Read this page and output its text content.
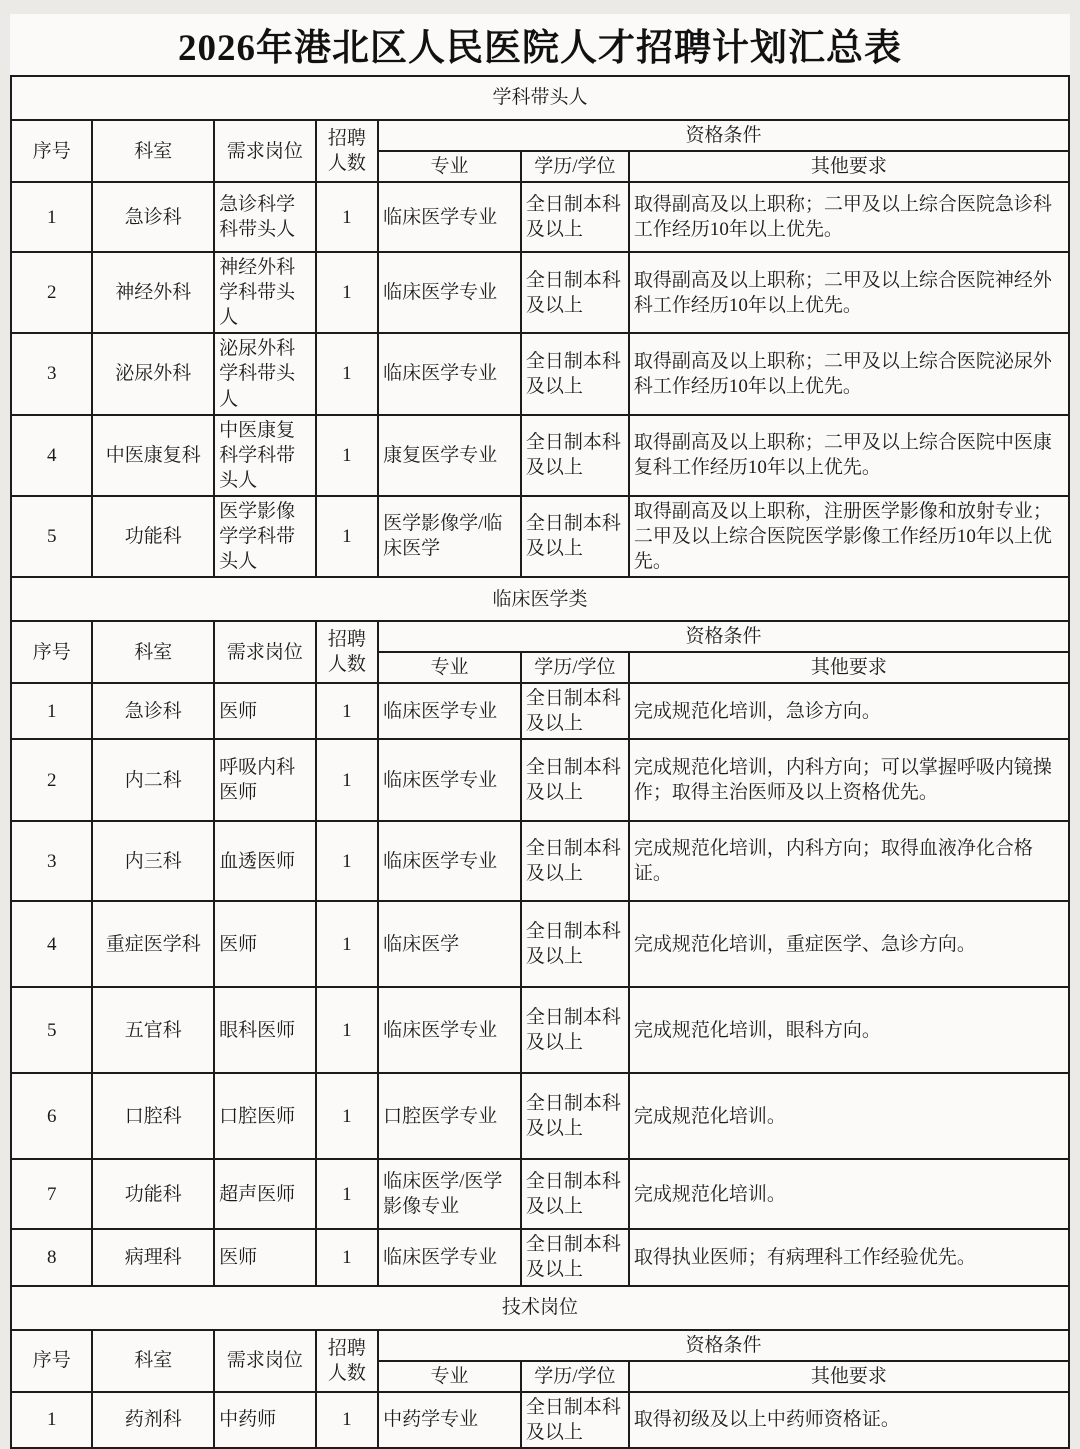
2026年港北区人民医院人才招聘计划汇总表
学科带头人						
序号	科室	需求岗位	招聘人数	资格条件		
				专业	学历/学位	其他要求
1	急诊科	急诊科学科带头人	1	临床医学专业	全日制本科及以上	取得副高及以上职称；二甲及以上综合医院急诊科工作经历10年以上优先。
2	神经外科	神经外科学科带头人	1	临床医学专业	全日制本科及以上	取得副高及以上职称；二甲及以上综合医院神经外科工作经历10年以上优先。
3	泌尿外科	泌尿外科学科带头人	1	临床医学专业	全日制本科及以上	取得副高及以上职称；二甲及以上综合医院泌尿外科工作经历10年以上优先。
4	中医康复科	中医康复科学科带头人	1	康复医学专业	全日制本科及以上	取得副高及以上职称；二甲及以上综合医院中医康复科工作经历10年以上优先。
5	功能科	医学影像学学科带头人	1	医学影像学/临床医学	全日制本科及以上	取得副高及以上职称，注册医学影像和放射专业；二甲及以上综合医院医学影像工作经历10年以上优先。
临床医学类						
序号	科室	需求岗位	招聘人数	资格条件		
				专业	学历/学位	其他要求
1	急诊科	医师	1	临床医学专业	全日制本科及以上	完成规范化培训，急诊方向。
2	内二科	呼吸内科医师	1	临床医学专业	全日制本科及以上	完成规范化培训，内科方向；可以掌握呼吸内镜操作；取得主治医师及以上资格优先。
3	内三科	血透医师	1	临床医学专业	全日制本科及以上	完成规范化培训，内科方向；取得血液净化合格证。
4	重症医学科	医师	1	临床医学	全日制本科及以上	完成规范化培训，重症医学、急诊方向。
5	五官科	眼科医师	1	临床医学专业	全日制本科及以上	完成规范化培训，眼科方向。
6	口腔科	口腔医师	1	口腔医学专业	全日制本科及以上	完成规范化培训。
7	功能科	超声医师	1	临床医学/医学影像专业	全日制本科及以上	完成规范化培训。
8	病理科	医师	1	临床医学专业	全日制本科及以上	取得执业医师；有病理科工作经验优先。
技术岗位						
序号	科室	需求岗位	招聘人数	资格条件		
				专业	学历/学位	其他要求
1	药剂科	中药师	1	中药学专业	全日制本科及以上	取得初级及以上中药师资格证。
